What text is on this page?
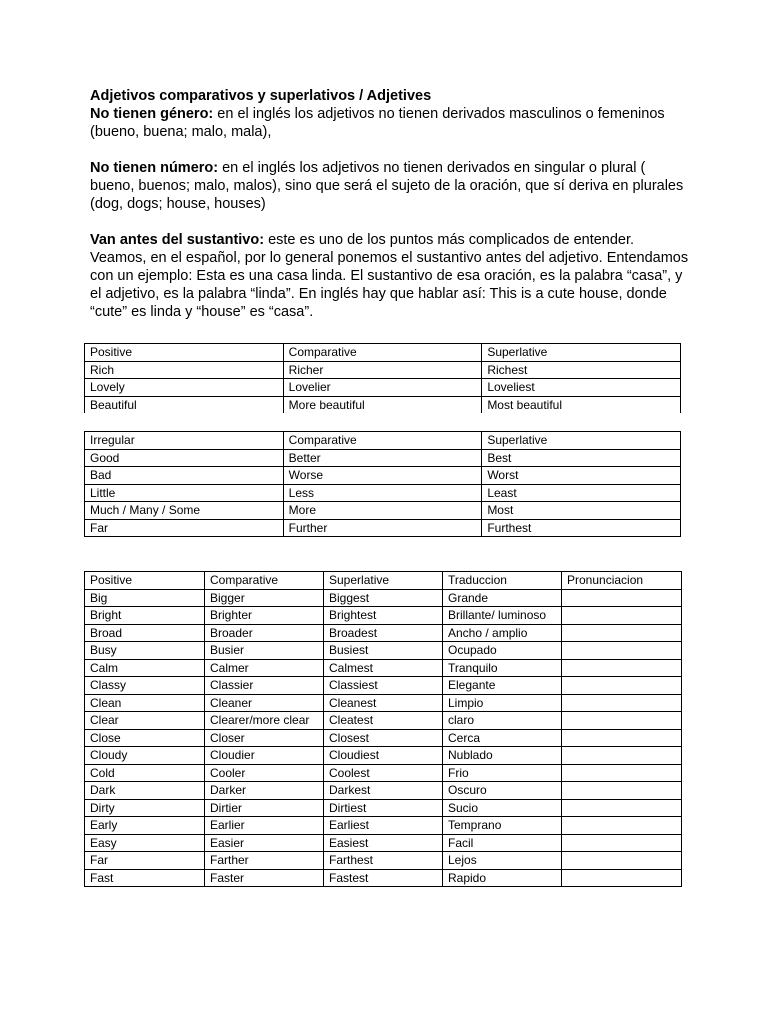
Adjetivos comparativos y superlativos / Adjetives

No tienen género: en el inglés los adjetivos no tienen derivados masculinos o femeninos (bueno, buena; malo, mala),

No tienen número: en el inglés los adjetivos no tienen derivados en singular o plural ( bueno, buenos; malo, malos), sino que será el sujeto de la oración, que sí deriva en plurales (dog, dogs; house, houses)

Van antes del sustantivo: este es uno de los puntos más complicados de entender. Veamos, en el español, por lo general ponemos el sustantivo antes del adjetivo. Entendamos con un ejemplo: Esta es una casa linda. El sustantivo de esa oración, es la palabra “casa”, y el adjetivo, es la palabra “linda”. En inglés hay que hablar así: This is a cute house, donde “cute” es linda y “house” es “casa”.

Positive	Comparative	Superlative
Rich	Richer	Richest
Lovely	Lovelier	Loveliest
Beautiful	More beautiful	Most beautiful
Irregular	Comparative	Superlative
Good	Better	Best
Bad	Worse	Worst
Little	Less	Least
Much / Many / Some	More	Most
Far	Further	Furthest
Positive	Comparative	Superlative	Traduccion	Pronunciacion
Big	Bigger	Biggest	Grande	
Bright	Brighter	Brightest	Brillante/ luminoso	
Broad	Broader	Broadest	Ancho / amplio	
Busy	Busier	Busiest	Ocupado	
Calm	Calmer	Calmest	Tranquilo	
Classy	Classier	Classiest	Elegante	
Clean	Cleaner	Cleanest	Limpio	
Clear	Clearer/more clear	Cleatest	claro	
Close	Closer	Closest	Cerca	
Cloudy	Cloudier	Cloudiest	Nublado	
Cold	Cooler	Coolest	Frio	
Dark	Darker	Darkest	Oscuro	
Dirty	Dirtier	Dirtiest	Sucio	
Early	Earlier	Earliest	Temprano	
Easy	Easier	Easiest	Facil	
Far	Farther	Farthest	Lejos	
Fast	Faster	Fastest	Rapido	
